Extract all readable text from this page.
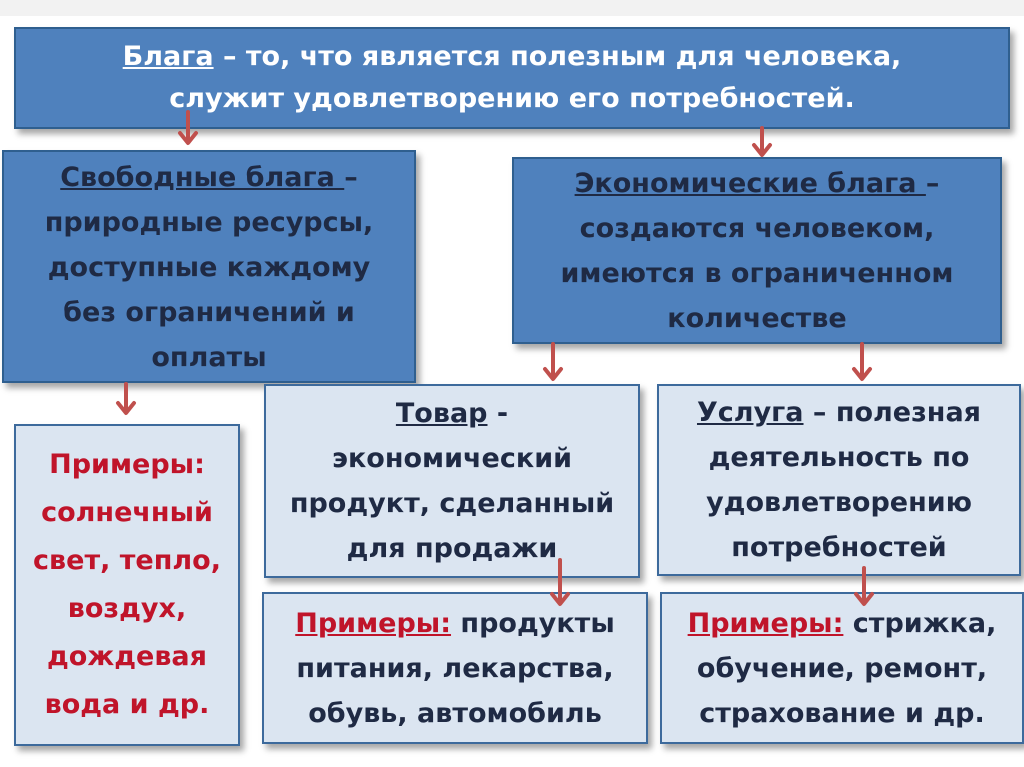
Блага – то, что является полезным для человека,
служит удовлетворению его потребностей.
Свободные блага –
природные ресурсы,
доступные каждому
без ограничений и
оплаты
Экономические блага –
создаются человеком,
имеются в ограниченном
количестве
Товар -
экономический
продукт, сделанный
для продажи
Услуга – полезная
деятельность по
удовлетворению
потребностей
Примеры:
солнечный
свет, тепло,
воздух,
дождевая
вода и др.
Примеры: продукты
питания, лекарства,
обувь, автомобиль
Примеры: стрижка,
обучение, ремонт,
страхование и др.
